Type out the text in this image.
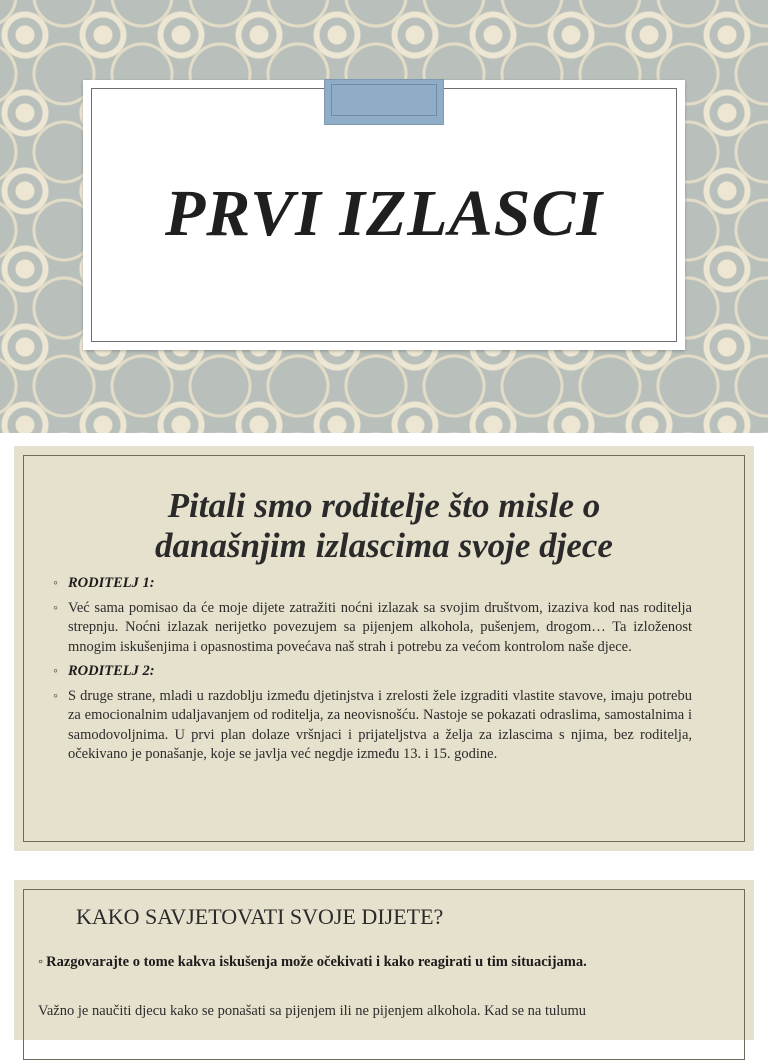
PRVI IZLASCI
Pitali smo roditelje što misle o
današnjim izlascima svoje djece
◦ RODITELJ 1:
◦ Već sama pomisao da će moje dijete zatražiti noćni izlazak sa svojim društvom, izaziva kod nas roditelja strepnju. Noćni izlazak nerijetko povezujem sa pijenjem alkohola, pušenjem, drogom… Ta izloženost mnogim iskušenjima i opasnostima povećava naš strah i potrebu za većom kontrolom naše djece.
◦ RODITELJ 2:
◦ S druge strane, mladi u razdoblju između djetinjstva i zrelosti žele izgraditi vlastite stavove, imaju potrebu za emocionalnim udaljavanjem od roditelja, za neovisnošću. Nastoje se pokazati odraslima, samostalnima i samodovoljnima. U prvi plan dolaze vršnjaci i prijateljstva a želja za izlascima s njima, bez roditelja, očekivano je ponašanje, koje se javlja već negdje između 13. i 15. godine.
KAKO SAVJETOVATI SVOJE DIJETE?

◦ Razgovarajte o tome kakva iskušenja može očekivati i kako reagirati u tim situacijama.

Važno je naučiti djecu kako se ponašati sa pijenjem ili ne pijenjem alkohola. Kad se na tulumu
